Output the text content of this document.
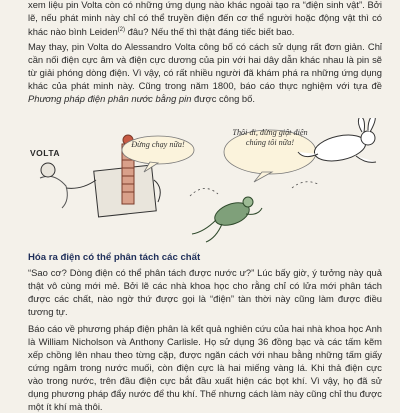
xem liệu pin Volta còn có những ứng dụng nào khác ngoài tạo ra “điện sinh vật”. Bởi lẽ, nếu phát minh này chỉ có thể truyền điện đến cơ thể người hoặc động vật thì có khác nào bình Leiden$^{(2)}$ đâu? Nếu thế thì thật đáng tiếc biết bao.

May thay, pin Volta do Alessandro Volta công bố có cách sử dụng rất đơn giản. Chỉ cần nối điện cực âm và điện cực dương của pin với hai dây dẫn khác nhau là pin sẽ từ giải phóng dòng điện. Vì vậy, có rất nhiều người đã khám phá ra những ứng dụng khác của phát minh này. Cũng trong năm 1800, báo cáo thực nghiệm với tựa đề Phương pháp điện phân nước bằng pin được công bố.

VOLTA
Đừng chạy nữa!
Thôi đi, đừng giật điện chúng tôi nữa!
Hóa ra điện có thể phân tách các chất

“Sao cơ? Dòng điện có thể phân tách được nước ư?” Lúc bấy giờ, ý tưởng này quả thật vô cùng mới mẻ. Bởi lẽ các nhà khoa học cho rằng chỉ có lửa mới phân tách được các chất, nào ngờ thứ được gọi là “điện” tàn thời này cũng làm được điều tương tự.

Báo cáo về phương pháp điện phân là kết quả nghiên cứu của hai nhà khoa học Anh là William Nicholson và Anthony Carlisle. Họ sử dụng 36 đồng bạc và các tấm kẽm xếp chồng lên nhau theo từng cặp, được ngăn cách với nhau bằng những tấm giấy cứng ngâm trong nước muối, còn điện cực là hai miếng vàng lá. Khi thả điện cực vào trong nước, trên đầu điện cực bắt đầu xuất hiện các bọt khí. Vì vậy, họ đã sử dụng phương pháp đẩy nước để thu khí. Thế nhưng cách làm này cũng chỉ thu được một ít khí mà thôi.
